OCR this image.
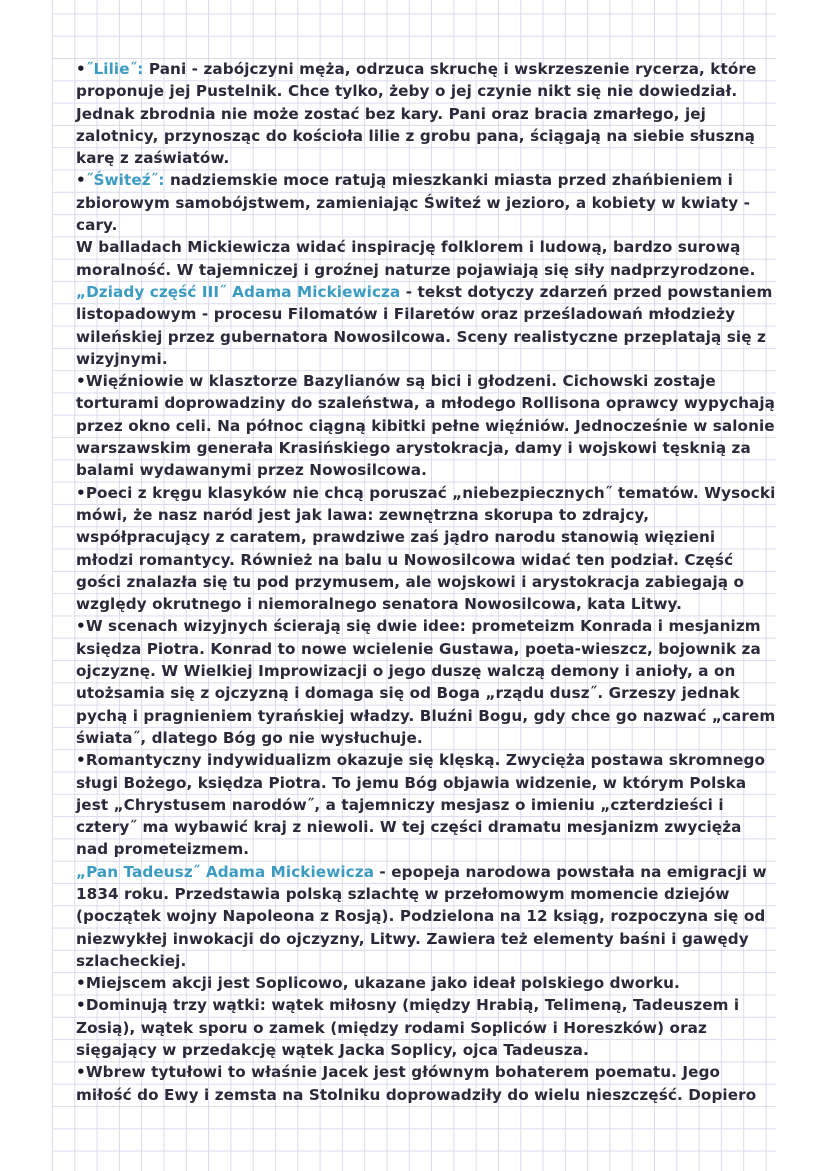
•˝Lilie˝: Pani - zabójczyni męża, odrzuca skruchę i wskrzeszenie rycerza, które proponuje jej Pustelnik. Chce tylko, żeby o jej czynie nikt się nie dowiedział. Jednak zbrodnia nie może zostać bez kary. Pani oraz bracia zmarłego, jej zalotnicy, przynosząc do kościoła lilie z grobu pana, ściągają na siebie słuszną karę z zaświatów.

•˝Świteź˝: nadziemskie moce ratują mieszkanki miasta przed zhańbieniem i zbiorowym samobójstwem, zamieniając Świteź w jezioro, a kobiety w kwiaty - cary.

W balladach Mickiewicza widać inspirację folklorem i ludową, bardzo surową moralność. W tajemniczej i groźnej naturze pojawiają się siły nadprzyrodzone.

„Dziady część III˝ Adama Mickiewicza - tekst dotyczy zdarzeń przed powstaniem listopadowym - procesu Filomatów i Filaretów oraz prześladowań młodzieży wileńskiej przez gubernatora Nowosilcowa. Sceny realistyczne przeplatają się z wizyjnymi.

•Więźniowie w klasztorze Bazylianów są bici i głodzeni. Cichowski zostaje torturami doprowadziny do szaleństwa, a młodego Rollisona oprawcy wypychają przez okno celi. Na północ ciągną kibitki pełne więźniów. Jednocześnie w salonie warszawskim generała Krasińskiego arystokracja, damy i wojskowi tęsknią za balami wydawanymi przez Nowosilcowa.

•Poeci z kręgu klasyków nie chcą poruszać „niebezpiecznych˝ tematów. Wysocki mówi, że nasz naród jest jak lawa: zewnętrzna skorupa to zdrajcy, współpracujący z caratem, prawdziwe zaś jądro narodu stanowią więzieni młodzi romantycy. Również na balu u Nowosilcowa widać ten podział. Część gości znalazła się tu pod przymusem, ale wojskowi i arystokracja zabiegają o względy okrutnego i niemoralnego senatora Nowosilcowa, kata Litwy.

•W scenach wizyjnych ścierają się dwie idee: prometeizm Konrada i mesjanizm księdza Piotra. Konrad to nowe wcielenie Gustawa, poeta-wieszcz, bojownik za ojczyznę. W Wielkiej Improwizacji o jego duszę walczą demony i anioły, a on utożsamia się z ojczyzną i domaga się od Boga „rządu dusz˝. Grzeszy jednak pychą i pragnieniem tyrańskiej władzy. Bluźni Bogu, gdy chce go nazwać „carem świata˝, dlatego Bóg go nie wysłuchuje.

•Romantyczny indywidualizm okazuje się klęską. Zwycięża postawa skromnego sługi Bożego, księdza Piotra. To jemu Bóg objawia widzenie, w którym Polska jest „Chrystusem narodów˝, a tajemniczy mesjasz o imieniu „czterdzieści i cztery˝ ma wybawić kraj z niewoli. W tej części dramatu mesjanizm zwycięża nad prometeizmem.

„Pan Tadeusz˝ Adama Mickiewicza - epopeja narodowa powstała na emigracji w 1834 roku. Przedstawia polską szlachtę w przełomowym momencie dziejów (początek wojny Napoleona z Rosją). Podzielona na 12 ksiąg, rozpoczyna się od niezwykłej inwokacji do ojczyzny, Litwy. Zawiera też elementy baśni i gawędy szlacheckiej.

•Miejscem akcji jest Soplicowo, ukazane jako ideał polskiego dworku.

•Dominują trzy wątki: wątek miłosny (między Hrabią, Telimeną, Tadeuszem i Zosią), wątek sporu o zamek (między rodami Sopliców i Horeszków) oraz sięgający w przedakcję wątek Jacka Soplicy, ojca Tadeusza.

•Wbrew tytułowi to właśnie Jacek jest głównym bohaterem poematu. Jego miłość do Ewy i zemsta na Stolniku doprowadziły do wielu nieszczęść. Dopiero
